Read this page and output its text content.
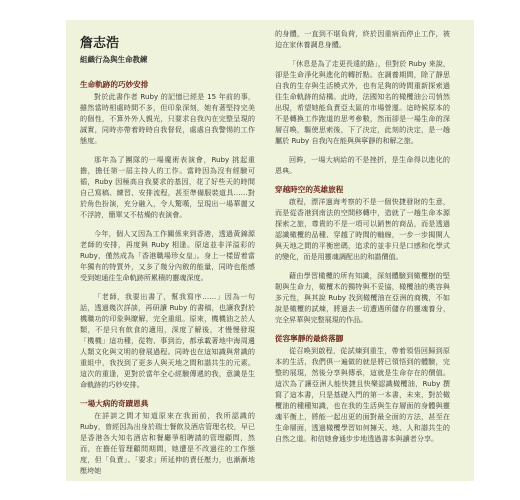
詹志浩
組織行為與生命教練
生命軌跡的巧妙安排

對於此書作者 Ruby 的記憶已經是 15 年前的事，雖然當時相處時間不多，但印象深刻，她有著堅持完美的個性，不算外外人親光，只要求自我內在完整呈現的誠實，同時亦帶着時時自我督促，處處自我警惕的工作態度。

那年為了團隊的一場魔術表演會，Ruby 挑起重擔，擔任第一屆主持人的工作。當時因為沒有經驗可循，Ruby 因極高自我要求的基因，花了好些天的時間自己寫稿、練習、安排流程，甚至準備服裝道具……對於角色扮演，充分融入，令人驚嘆，呈現出一場華麗又不浮誇，簡單又不枯燥的表演會。

今年，個人又因為工作關係來到香港，透過黃錦源老師的安排，再度與 Ruby 相逢。原這並非洋溢彩的 Ruby，僅然成為「香港職場珍女皇」。身上一樣留着當年獨有的特質外，又多了幾分內斂的能量，同時也能感受到她通往生命軌跡所累積的靈魂深度。

「老師，我要出書了，幫我寫序……」因為一句話，透過幾次詳談，再研讀 Ruby 的書稿，也讓我對於機職功的印象與瞭解，完全重組。原來，機機油之於人類，不是只有飲食的適用，深度了解後，才慢慢發現「機機」這功種，從物、事到治，都承載著地中海周邊人類文化與文明的發展過程。同時也在這知識與常識的重組中，我找到了更多人與天地之間和諧共生的元素。這次的重逢，更對於當年全心經驗傳遞的我，意識是生命軌跡的巧妙安排。

一場大病的奇蹟恩典

在詳談之間才知道原來在我面前，我所認識的 Ruby，曾經因為出身於瑞士餐飲及酒店管理名校，早已是香港各大知名酒店和餐廳爭相聘請的管理顧問，然而，在擔任管理顧問期間，她遭是不改過往的工作態度，但「負責」、「要求」所延伸的責任壓力，也漸漸地壓垮她

的身體，一直到不堪負荷，終於因重病而停止工作，被迫在家休養調息身體。

「休息是為了走更長遠的路」，但對於 Ruby 來說，卻是生命淨化與進化的轉折點。在調養期間，除了靜思自我的生存與生活模式外，也有足夠的時間重新探索過往生命軌跡的結構。此時，法國知名的橄欖油公司悄然出現，希望她能負責亞太區的市場營運。這時候原本的不是轉換工作跑道的思考參數，然而卻是一場生命的深層召喚，驅使思索後，下了決定，此刻的決定，是一趟屬於 Ruby 自我內在能與與寧靜的和解之旅。

回眸，一場大病給的不是挫折，是生命得以進化的恩典。

穿越時空的英雄旅程

啟程，漂洋過海考察的不是一個快捷發財的生意，而是從香港到南法的空間移轉中，造就了一趟生命本源探索之旅，尊貴的不是一項可以銷售的商品，而是透過認識橄欖的品種、穿越了時間的軸線，一步一步揭開人與天地之間的平衡密碼，追求的並非只是口感和化學式的變化，而是用靈魂調配出的和諧價值。

藉由學習橄欖的所有知識，深刻體驗到橄欖樹的堅韌與生命力，橄欖木的獨特與不妥協，橄欖油的奧容與多元性，與其說 Ruby 找到橄欖油在亞洲的商機，不如說是橄欖的試煉，將過去一切遭遇所儲存的靈魂養分，完全昇華與完整展現的作品。

從容寧靜的最終落腳

從召喚到啟程，從試煉到重生，帶着領悟回歸到原本的生活，我們俱一遍做的就是將已領悟到的體驗，完整的展現，然後分享與傳承，這就是生命存在的價值。這次為了讓亞洲人能快捷且快樂認識橄欖油，Ruby 撰寫了這本書，只是基礎入門的第一本書，未來，對於橄欖油的種種知識，也在我的生活與生存層面的身體與靈魂平衡上，將能一起出更的面對最全面的方法，甚至在生命層面，透過橄欖學習如何擁天、地、人和諧共生的自然之道。和信她會通步步地透過書本與讀者分享。
